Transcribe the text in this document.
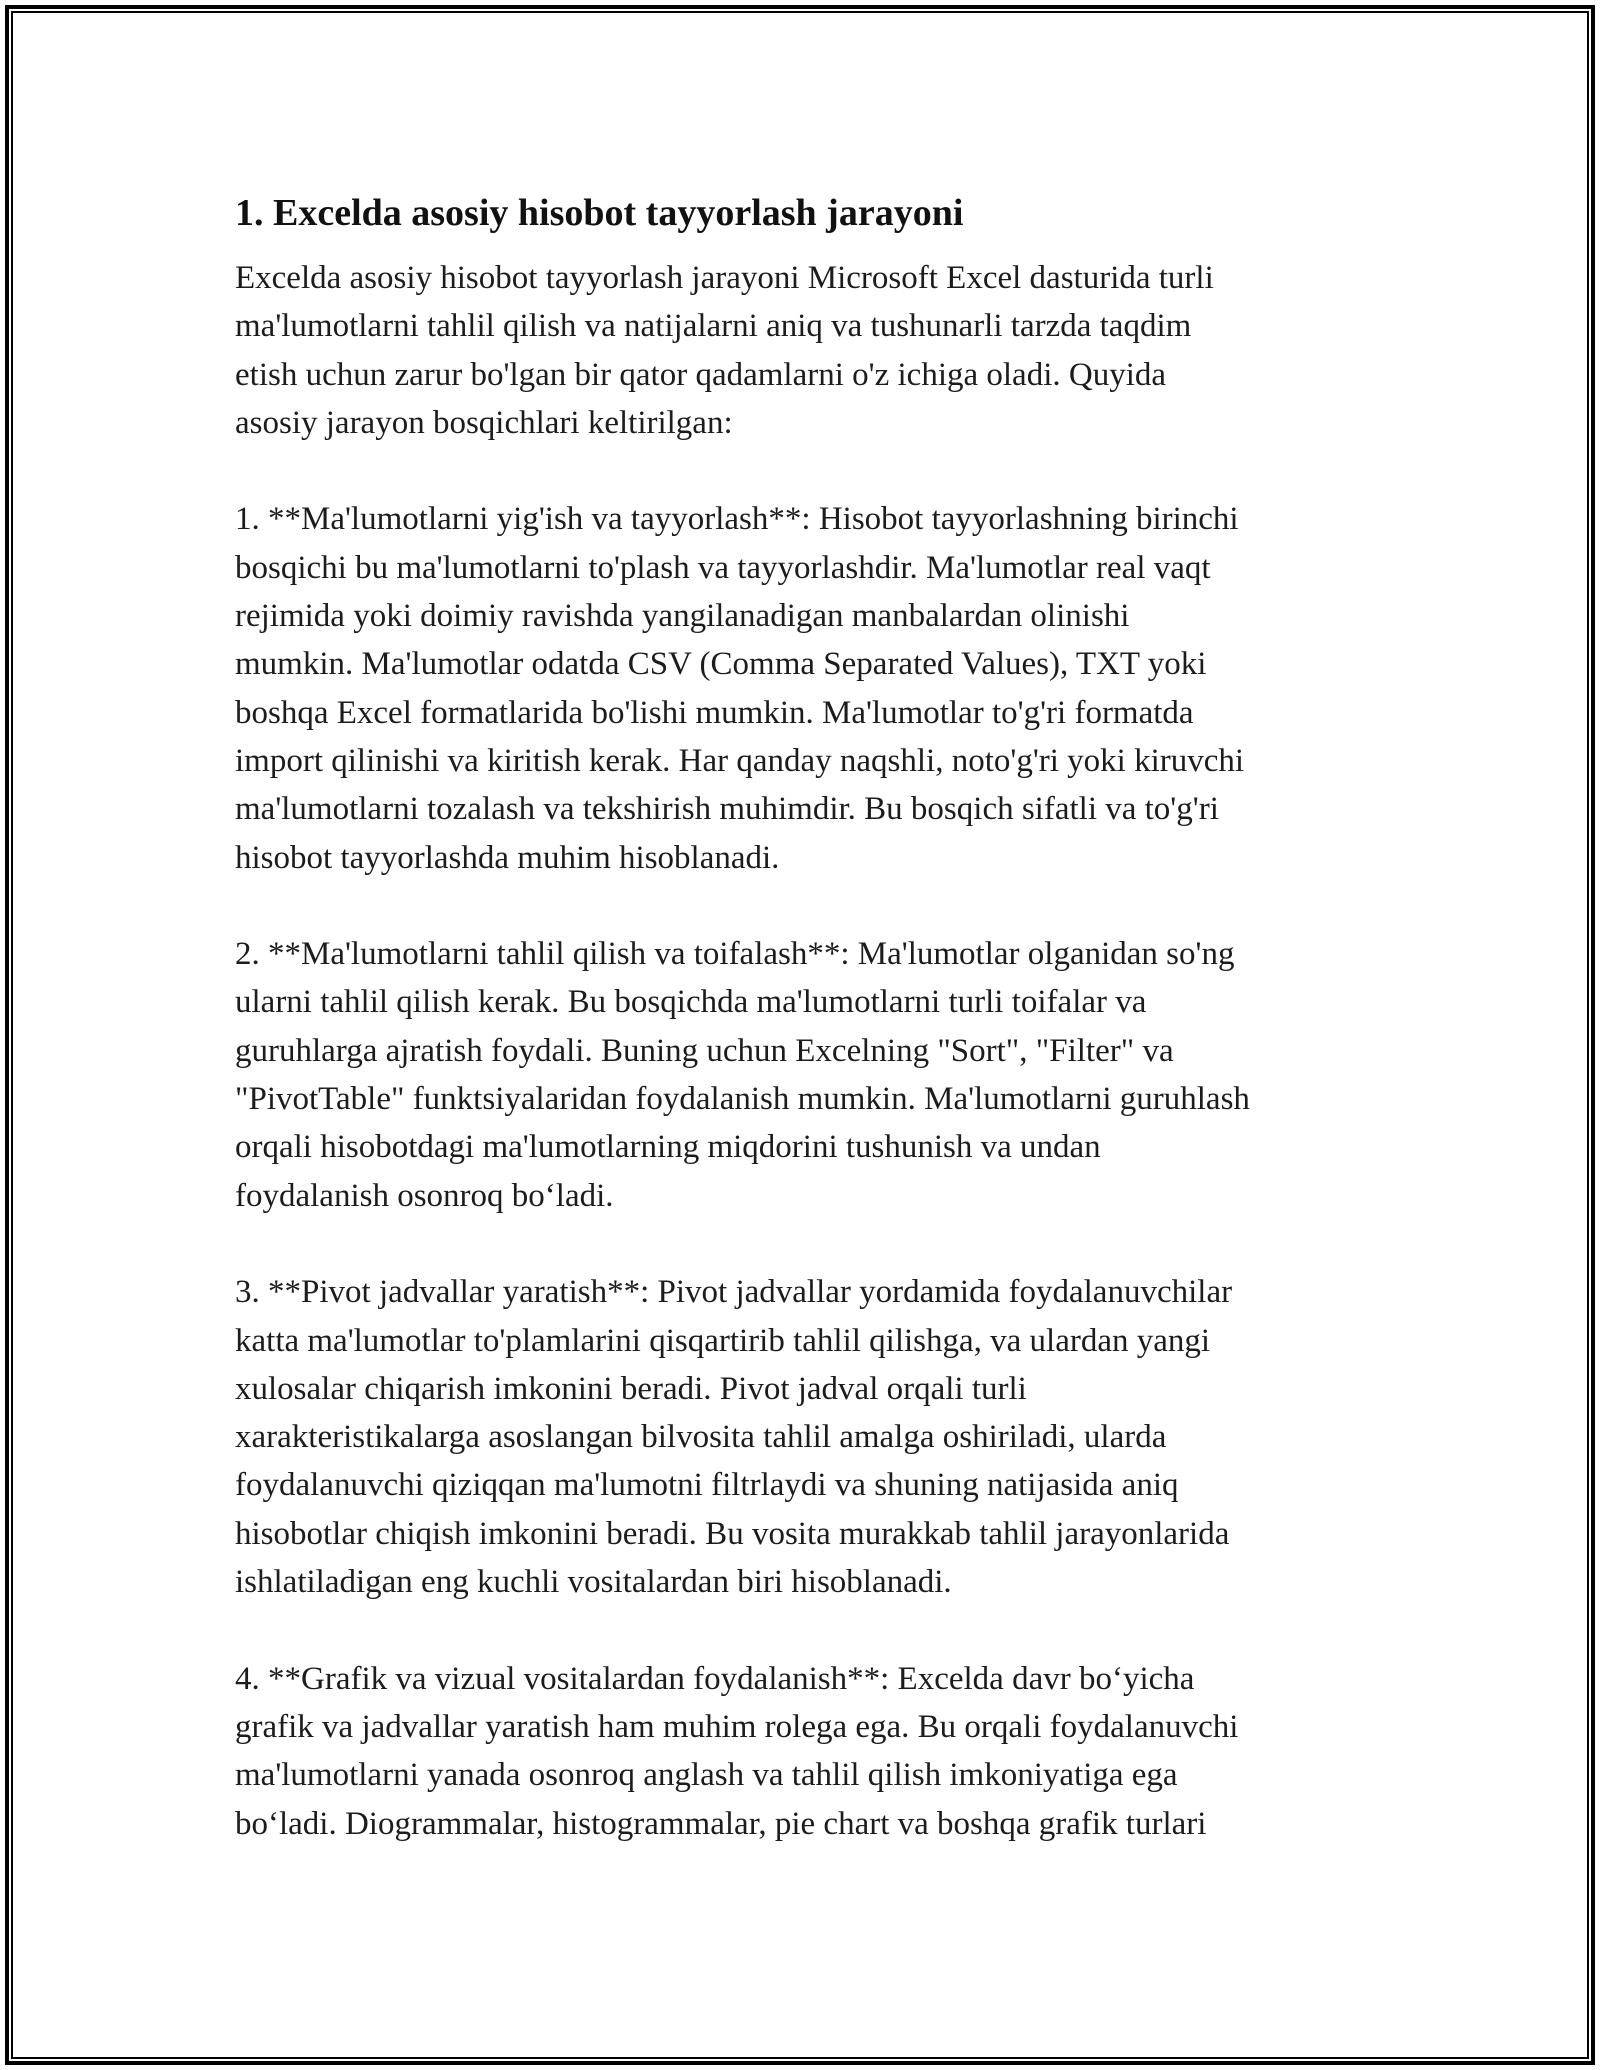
1. Excelda asosiy hisobot tayyorlash jarayoni

Excelda asosiy hisobot tayyorlash jarayoni Microsoft Excel dasturida turli
ma'lumotlarni tahlil qilish va natijalarni aniq va tushunarli tarzda taqdim
etish uchun zarur bo'lgan bir qator qadamlarni o'z ichiga oladi. Quyida
asosiy jarayon bosqichlari keltirilgan:

1. **Ma'lumotlarni yig'ish va tayyorlash**: Hisobot tayyorlashning birinchi
bosqichi bu ma'lumotlarni to'plash va tayyorlashdir. Ma'lumotlar real vaqt
rejimida yoki doimiy ravishda yangilanadigan manbalardan olinishi
mumkin. Ma'lumotlar odatda CSV (Comma Separated Values), TXT yoki
boshqa Excel formatlarida bo'lishi mumkin. Ma'lumotlar to'g'ri formatda
import qilinishi va kiritish kerak. Har qanday naqshli, noto'g'ri yoki kiruvchi
ma'lumotlarni tozalash va tekshirish muhimdir. Bu bosqich sifatli va to'g'ri
hisobot tayyorlashda muhim hisoblanadi.

2. **Ma'lumotlarni tahlil qilish va toifalash**: Ma'lumotlar olganidan so'ng
ularni tahlil qilish kerak. Bu bosqichda ma'lumotlarni turli toifalar va
guruhlarga ajratish foydali. Buning uchun Excelning "Sort", "Filter" va
"PivotTable" funktsiyalaridan foydalanish mumkin. Ma'lumotlarni guruhlash
orqali hisobotdagi ma'lumotlarning miqdorini tushunish va undan
foydalanish osonroq bo‘ladi.

3. **Pivot jadvallar yaratish**: Pivot jadvallar yordamida foydalanuvchilar
katta ma'lumotlar to'plamlarini qisqartirib tahlil qilishga, va ulardan yangi
xulosalar chiqarish imkonini beradi. Pivot jadval orqali turli
xarakteristikalarga asoslangan bilvosita tahlil amalga oshiriladi, ularda
foydalanuvchi qiziqqan ma'lumotni filtrlaydi va shuning natijasida aniq
hisobotlar chiqish imkonini beradi. Bu vosita murakkab tahlil jarayonlarida
ishlatiladigan eng kuchli vositalardan biri hisoblanadi.

4. **Grafik va vizual vositalardan foydalanish**: Excelda davr bo‘yicha
grafik va jadvallar yaratish ham muhim rolega ega. Bu orqali foydalanuvchi
ma'lumotlarni yanada osonroq anglash va tahlil qilish imkoniyatiga ega
bo‘ladi. Diogrammalar, histogrammalar, pie chart va boshqa grafik turlari
